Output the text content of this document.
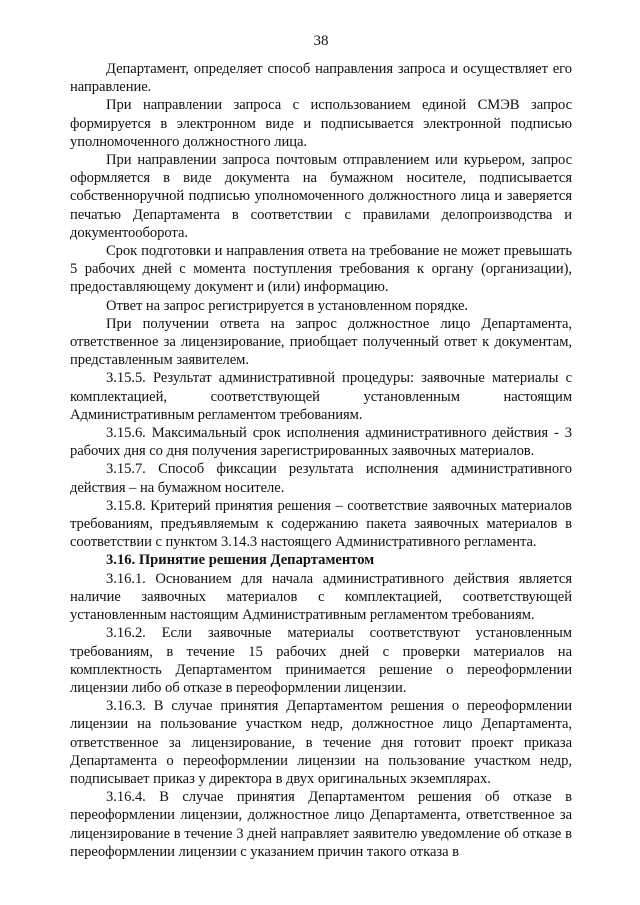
38

Департамент, определяет способ направления запроса и осуществляет его направление.

При направлении запроса с использованием единой СМЭВ запрос формируется в электронном виде и подписывается электронной подписью уполномоченного должностного лица.

При направлении запроса почтовым отправлением или курьером, запрос оформляется в виде документа на бумажном носителе, подписывается собственноручной подписью уполномоченного должностного лица и заверяется печатью Департамента в соответствии с правилами делопроизводства и документооборота.

Срок подготовки и направления ответа на требование не может превышать 5 рабочих дней с момента поступления требования к органу (организации), предоставляющему документ и (или) информацию.

Ответ на запрос регистрируется в установленном порядке.

При получении ответа на запрос должностное лицо Департамента, ответственное за лицензирование, приобщает полученный ответ к документам, представленным заявителем.

3.15.5. Результат административной процедуры: заявочные материалы с комплектацией, соответствующей установленным настоящим Административным регламентом требованиям.

3.15.6. Максимальный срок исполнения административного действия - 3 рабочих дня со дня получения зарегистрированных заявочных материалов.

3.15.7. Способ фиксации результата исполнения административного действия – на бумажном носителе.

3.15.8. Критерий принятия решения – соответствие заявочных материалов требованиям, предъявляемым к содержанию пакета заявочных материалов в соответствии с пунктом 3.14.3 настоящего Административного регламента.

3.16. Принятие решения Департаментом

3.16.1. Основанием для начала административного действия является наличие заявочных материалов с комплектацией, соответствующей установленным настоящим Административным регламентом требованиям.

3.16.2. Если заявочные материалы соответствуют установленным требованиям, в течение 15 рабочих дней с проверки материалов на комплектность Департаментом принимается решение о переоформлении лицензии либо об отказе в переоформлении лицензии.

3.16.3. В случае принятия Департаментом решения о переоформлении лицензии на пользование участком недр, должностное лицо Департамента, ответственное за лицензирование, в течение дня готовит проект приказа Департамента о переоформлении лицензии на пользование участком недр, подписывает приказ у директора в двух оригинальных экземплярах.

3.16.4. В случае принятия Департаментом решения об отказе в переоформлении лицензии, должностное лицо Департамента, ответственное за лицензирование в течение 3 дней направляет заявителю уведомление об отказе в переоформлении лицензии с указанием причин такого отказа в
